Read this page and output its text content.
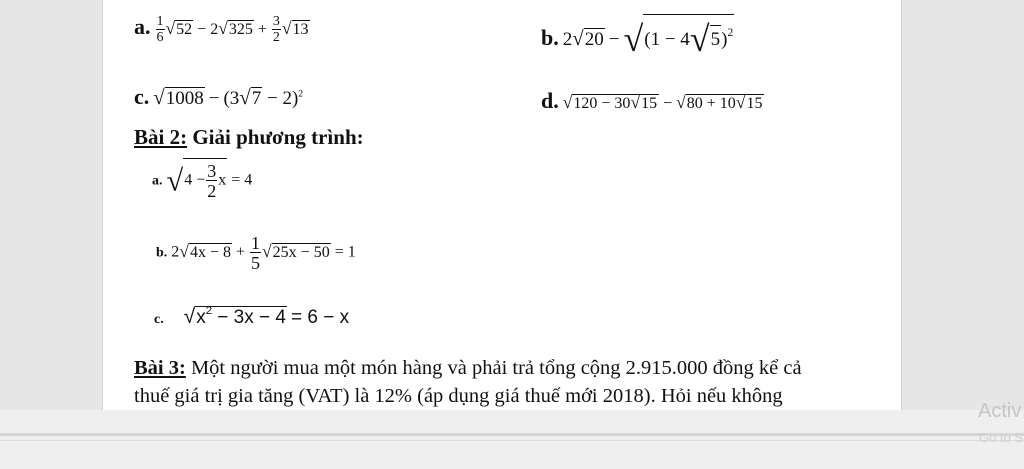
a. $\frac{1}{6} √52 - 2√325 + \frac{3}{2} √13$	b. $2√20 - √(1 - 4√5)^2$
c. $√1008 - (3√7 - 2)^2$	d. √120 − 30√15 − √80 + 10√15
Bài 2: Giải phương trình:
a. $√4 - \frac{3}{2}$ x = 4
b. $2√4x - 8 + \frac{1}{5} √25x - 50 = 1$
c. $√x^2 - 3x - 4 = 6 - x$
Bài 3: Một người mua một món hàng và phải trả tổng cộng 2.915.000 đồng kể cả
thuế giá trị gia tăng (VAT) là 12% (áp dụng giá thuế mới 2018). Hỏi nếu không
Activ
Go to S
